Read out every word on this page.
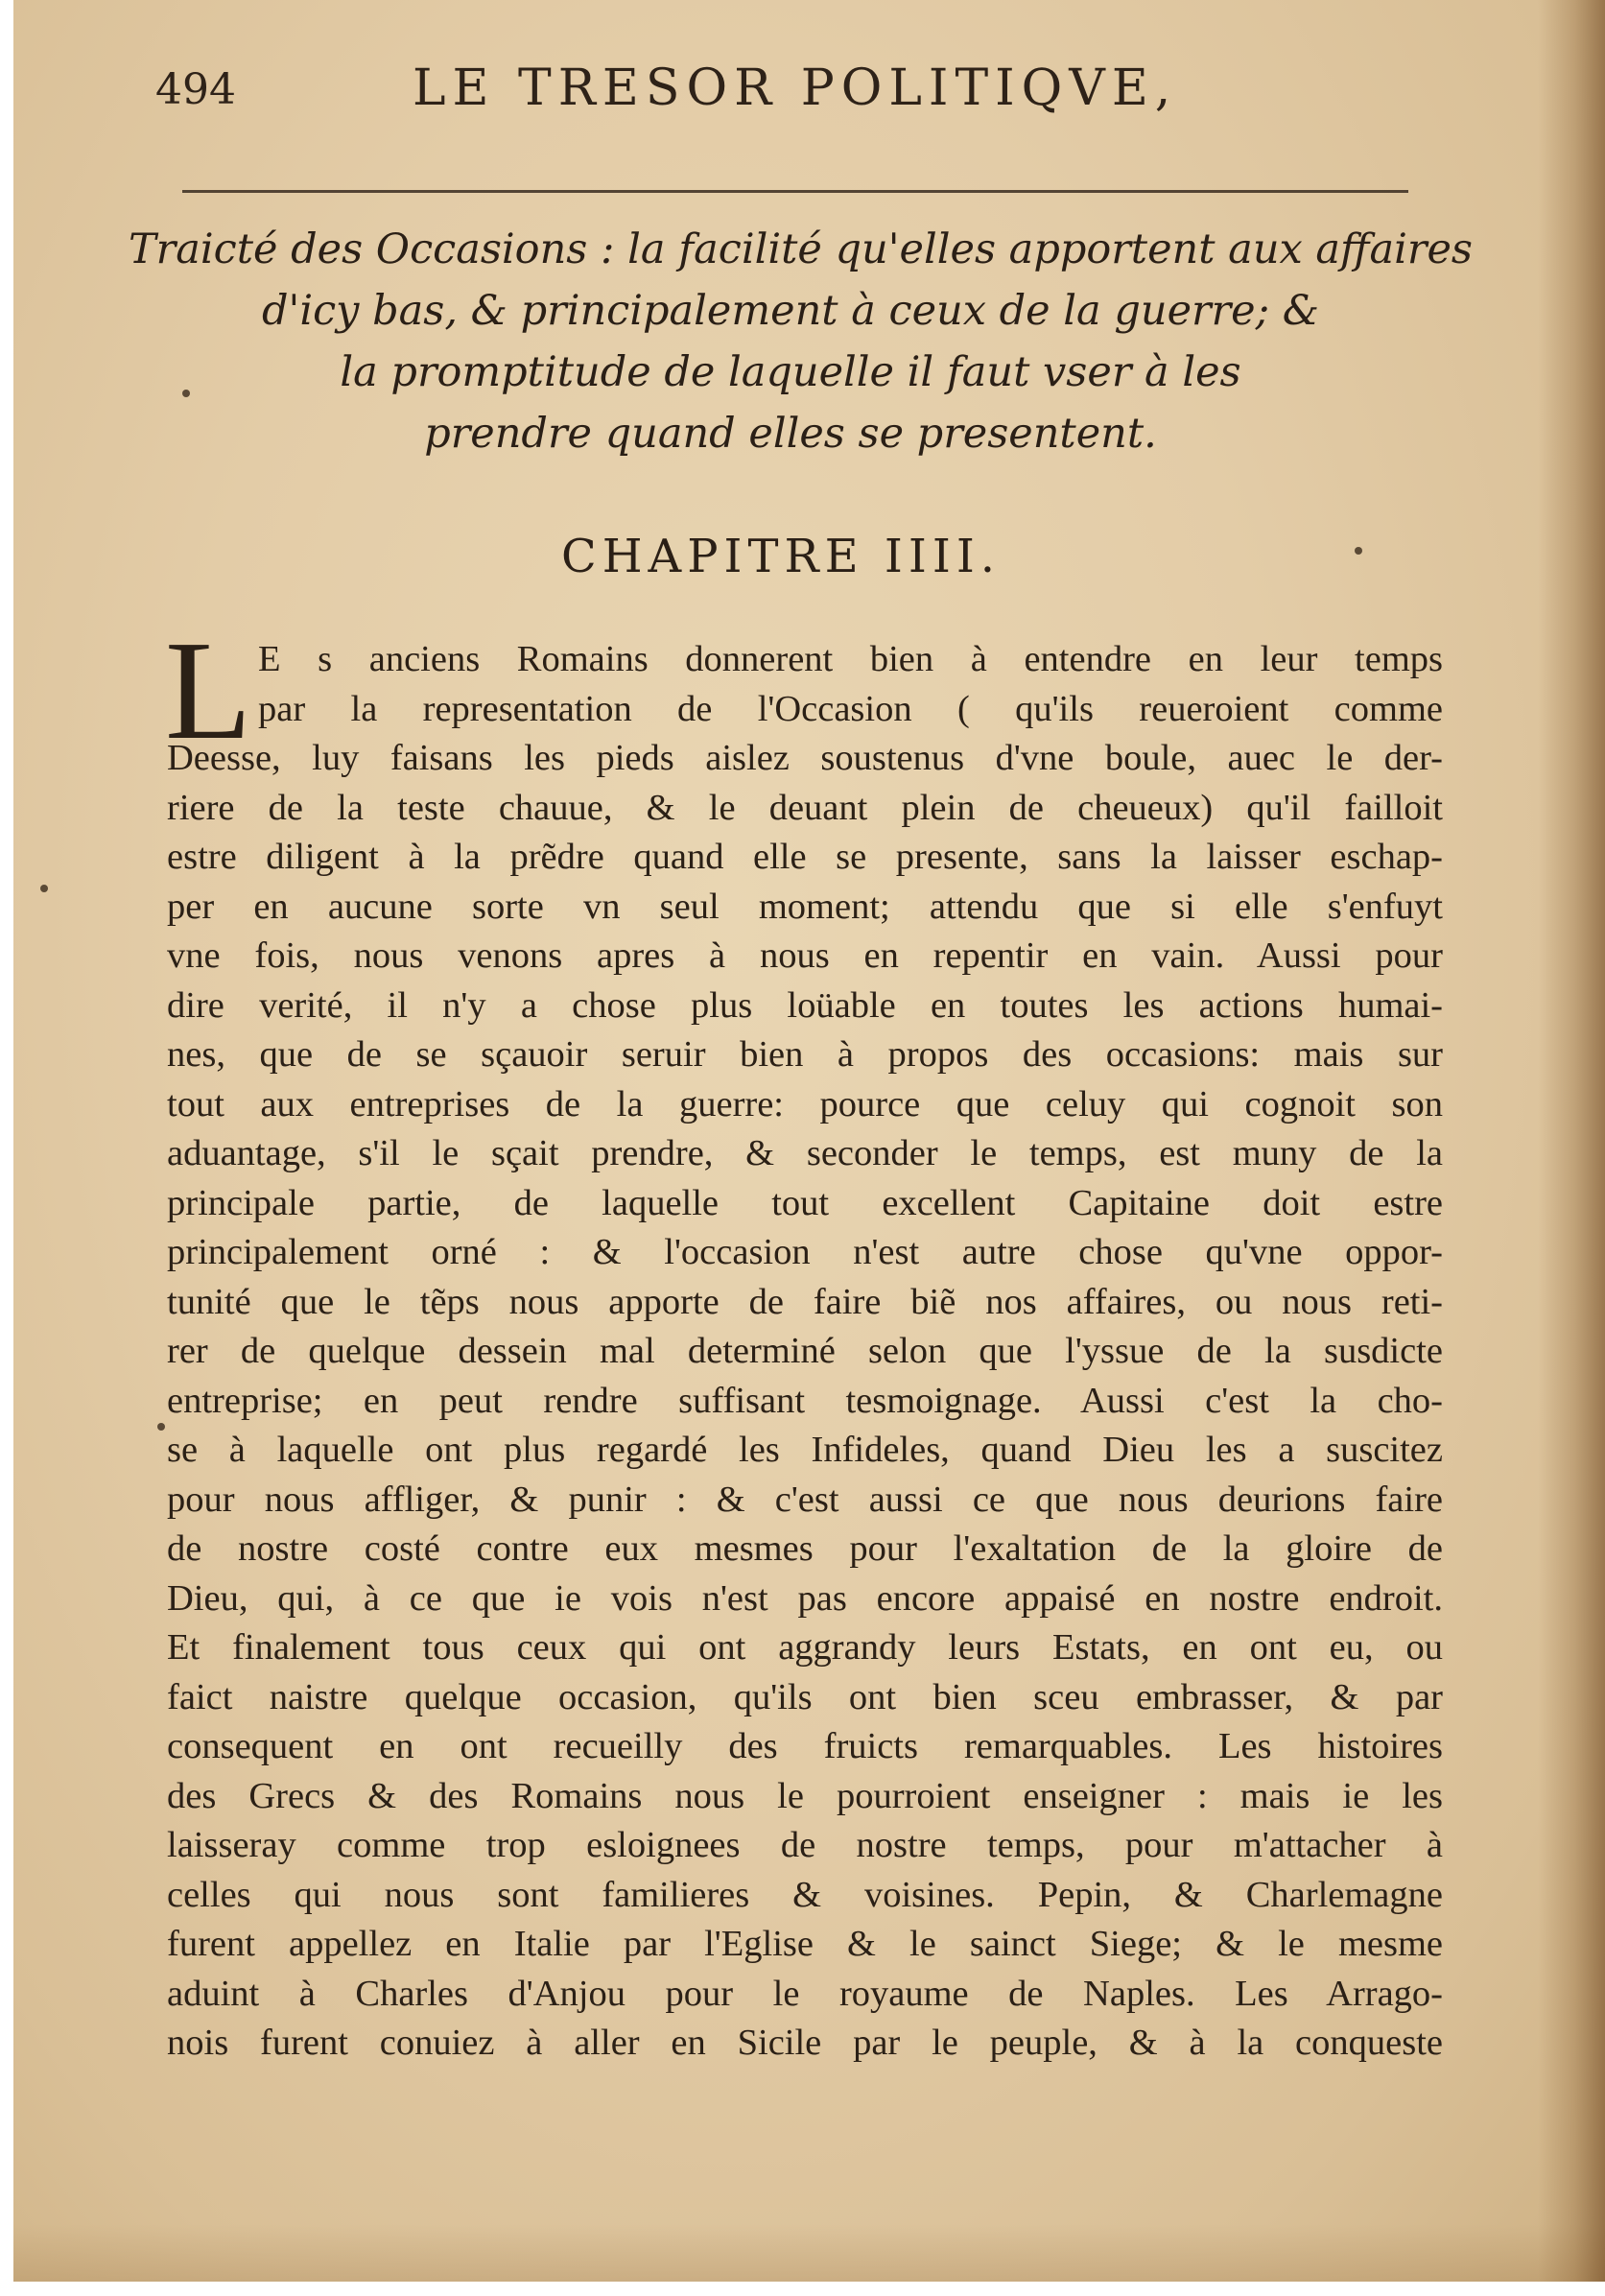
494	LE TRESOR POLITIQVE,
Traicté des Occasions : la facilité qu'elles apportent aux affaires
d'icy bas, & principalement à ceux de la guerre; &
la promptitude de laquelle il faut vser à les
prendre quand elles se presentent.
CHAPITRE IIII.
L E s anciens Romains donnerent bien à entendre en leur temps
par la representation de l'Occasion ( qu'ils reueroient comme
Deesse, luy faisans les pieds aislez soustenus d'vne boule, auec le der-
riere de la teste chauue, & le deuant plein de cheueux) qu'il failloit
estre diligent à la prẽdre quand elle se presente, sans la laisser eschap-
per en aucune sorte vn seul moment; attendu que si elle s'enfuyt
vne fois, nous venons apres à nous en repentir en vain. Aussi pour
dire verité, il n'y a chose plus loüable en toutes les actions humai-
nes, que de se sçauoir seruir bien à propos des occasions: mais sur
tout aux entreprises de la guerre: pource que celuy qui cognoit son
aduantage, s'il le sçait prendre, & seconder le temps, est muny de la
principale partie, de laquelle tout excellent Capitaine doit estre
principalement orné : & l'occasion n'est autre chose qu'vne oppor-
tunité que le tẽps nous apporte de faire biẽ nos affaires, ou nous reti-
rer de quelque dessein mal determiné selon que l'yssue de la susdicte
entreprise; en peut rendre suffisant tesmoignage. Aussi c'est la cho-
se à laquelle ont plus regardé les Infideles, quand Dieu les a suscitez
pour nous affliger, & punir : & c'est aussi ce que nous deurions faire
de nostre costé contre eux mesmes pour l'exaltation de la gloire de
Dieu, qui, à ce que ie vois n'est pas encore appaisé en nostre endroit.
Et finalement tous ceux qui ont aggrandy leurs Estats, en ont eu, ou
faict naistre quelque occasion, qu'ils ont bien sceu embrasser, & par
consequent en ont recueilly des fruicts remarquables. Les histoires
des Grecs & des Romains nous le pourroient enseigner : mais ie les
laisseray comme trop esloignees de nostre temps, pour m'attacher à
celles qui nous sont familieres & voisines. Pepin, & Charlemagne
furent appellez en Italie par l'Eglise & le sainct Siege; & le mesme
aduint à Charles d'Anjou pour le royaume de Naples. Les Arrago-
nois furent conuiez à aller en Sicile par le peuple, & à la conqueste
